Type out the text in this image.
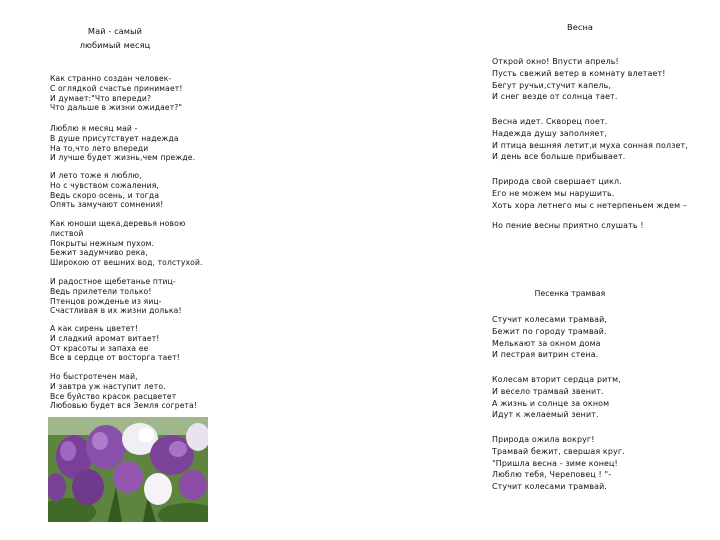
Май - самый
любимый месяц

Как странно создан человек-
С оглядкой счастье принимает!
И думает:"Что впереди?
Что дальше в жизни ожидает?"

Люблю я месяц май -
В душе присутствует надежда
На то,что лето впереди
И лучше будет жизнь,чем прежде.

И лето тоже я люблю,
Но с чувством сожаления,
Ведь скоро осень, и тогда
Опять замучают сомнения!

Как юноши щека,деревья новою
листвой
Покрыты нежным пухом.
Бежит задумчиво река,
Широкою от вешних вод, толстухой.

И радостное щебетанье птиц-
Ведь прилетели только!
Птенцов рожденье из яиц-
Счастливая в их жизни долька!

А как сирень цветет!
И сладкий аромат витает!
От красоты и запаха ее
Все в сердце от восторга тает!

Но быстротечен май,
И завтра уж наступит лето.
Все буйство красок расцветет
Любовью будет вся Земля согрета!

Весна

Открой окно! Впусти апрель!
Пусть свежий ветер в комнату влетает!
Бегут ручьи,стучит капель,
И снег везде от солнца тает.

Весна идет. Скворец поет.
Надежда душу заполняет,
И птица вешняя летит,и муха сонная ползет,
И день все больше прибывает.

Природа свой свершает цикл.
Его не можем мы нарушить.
Хоть хора летнего мы с нетерпеньем ждем –

Но пение весны приятно слушать !

Песенка трамвая

Стучит колесами трамвай,
Бежит по городу трамвай.
Мелькают за окном дома
И пестрая витрин стена.

Колесам вторит сердца ритм,
И весело трамвай звенит.
А жизнь и солнце за окном
Идут к желаемый зенит.

Природа ожила вокруг!
Трамвай бежит, свершая круг.
"Пришла весна - зиме конец!
Люблю тебя, Череповец ! "-
Стучит колесами трамвай.
